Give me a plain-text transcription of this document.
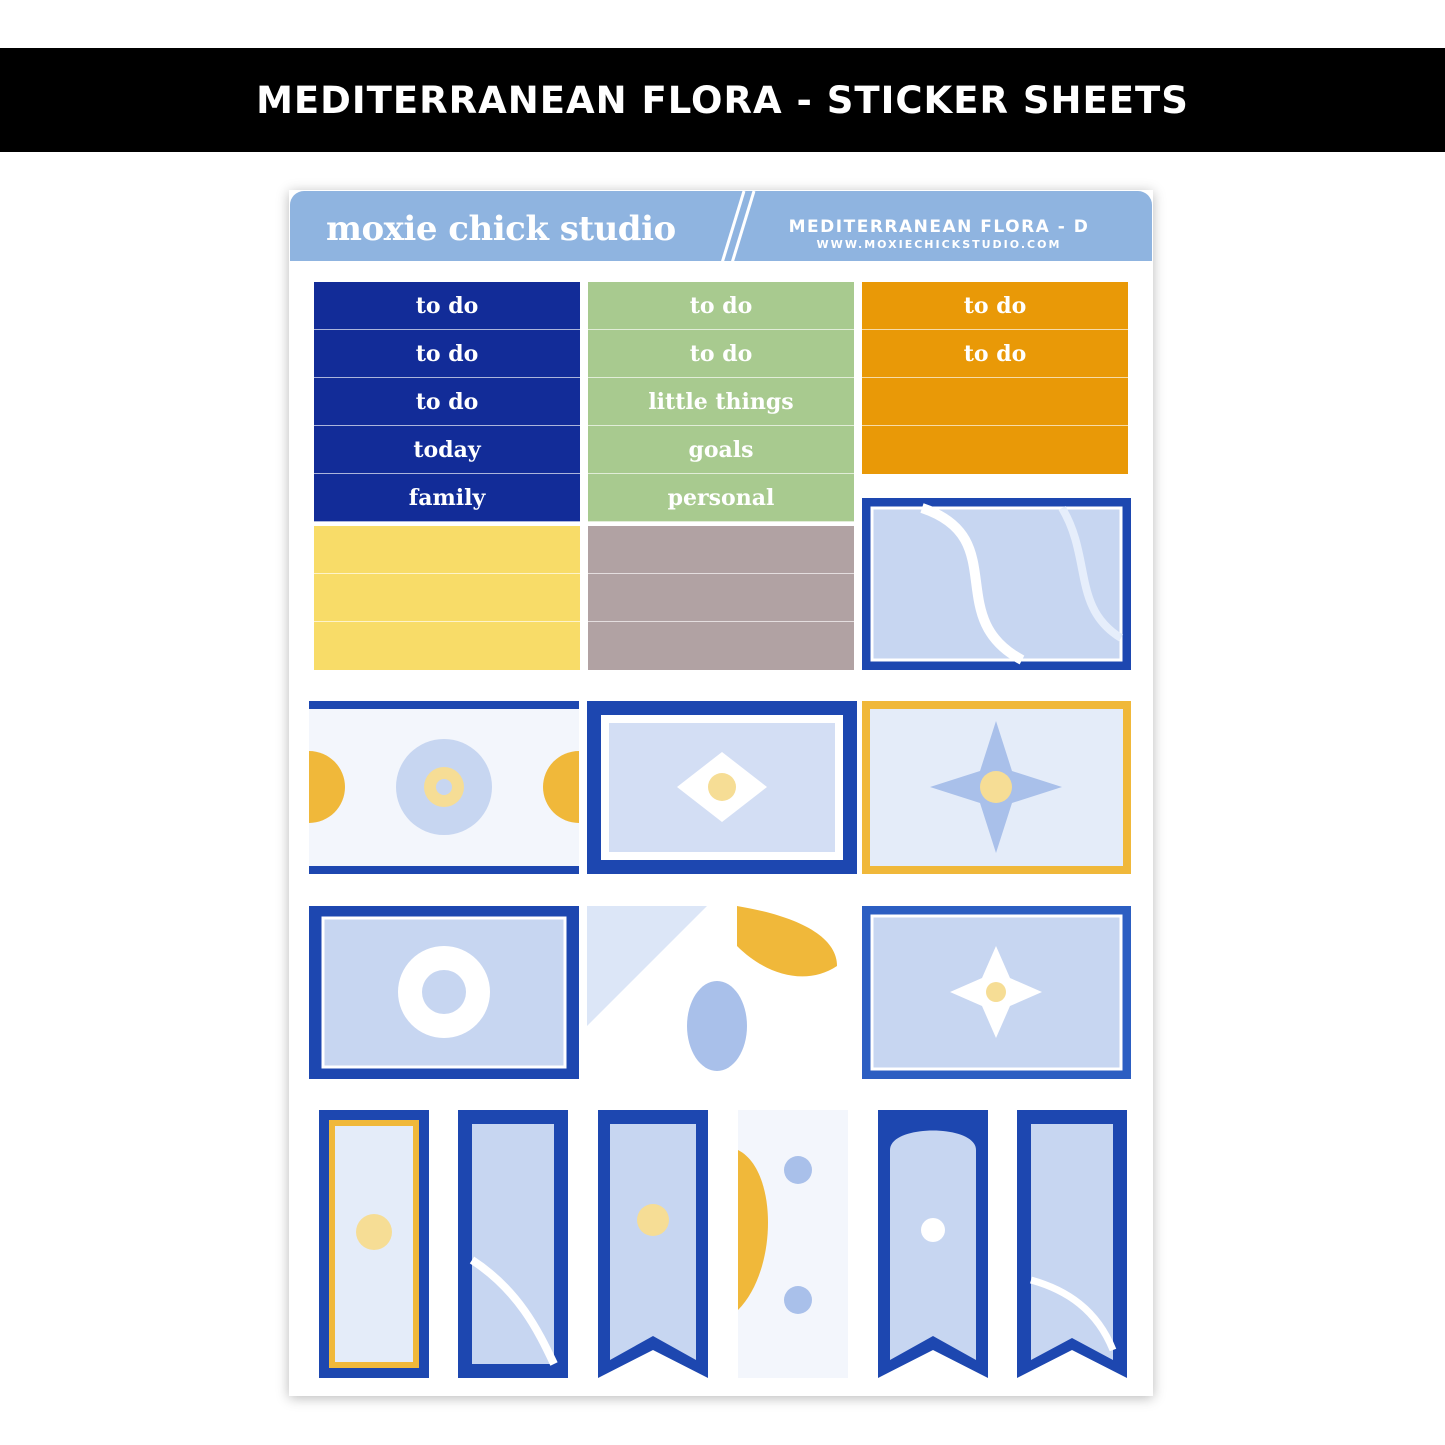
MEDITERRANEAN FLORA - STICKER SHEETS
moxie chick studio	MEDITERRANEAN FLORA - D
WWW.MOXIECHICKSTUDIO.COM
to do
to do
to do
today
family
to do
to do
little things
goals
personal
to do
to do
